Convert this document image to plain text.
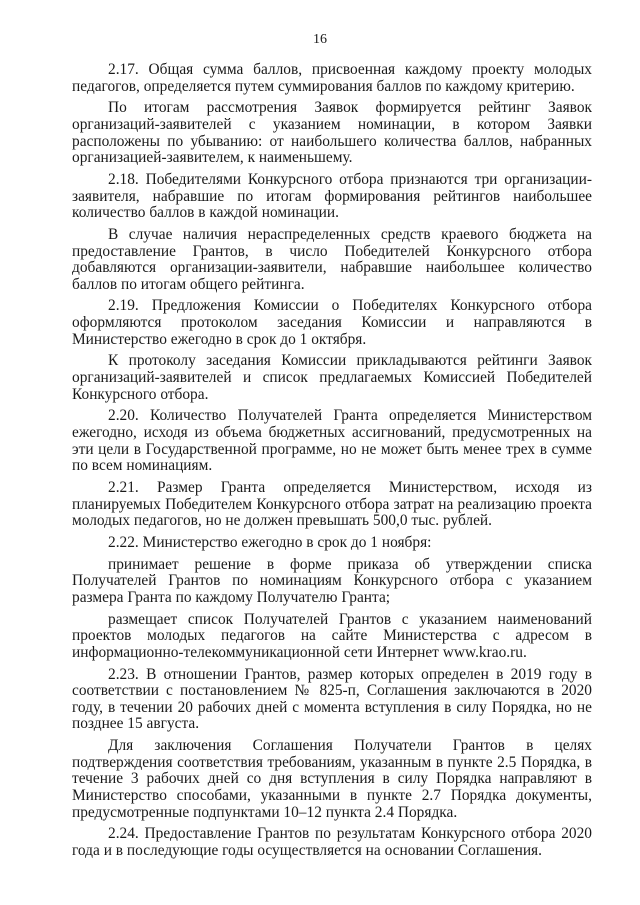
16

2.17. Общая сумма баллов, присвоенная каждому проекту молодых педагогов, определяется путем суммирования баллов по каждому критерию.

По итогам рассмотрения Заявок формируется рейтинг Заявок организаций-заявителей с указанием номинации, в котором Заявки расположены по убыванию: от наибольшего количества баллов, набранных организацией-заявителем, к наименьшему.

2.18. Победителями Конкурсного отбора признаются три организации-заявителя, набравшие по итогам формирования рейтингов наибольшее количество баллов в каждой номинации.

В случае наличия нераспределенных средств краевого бюджета на предоставление Грантов, в число Победителей Конкурсного отбора добавляются организации-заявители, набравшие наибольшее количество баллов по итогам общего рейтинга.

2.19. Предложения Комиссии о Победителях Конкурсного отбора оформляются протоколом заседания Комиссии и направляются в Министерство ежегодно в срок до 1 октября.

К протоколу заседания Комиссии прикладываются рейтинги Заявок организаций-заявителей и список предлагаемых Комиссией Победителей Конкурсного отбора.

2.20. Количество Получателей Гранта определяется Министерством ежегодно, исходя из объема бюджетных ассигнований, предусмотренных на эти цели в Государственной программе, но не может быть менее трех в сумме по всем номинациям.

2.21. Размер Гранта определяется Министерством, исходя из планируемых Победителем Конкурсного отбора затрат на реализацию проекта молодых педагогов, но не должен превышать 500,0 тыс. рублей.

2.22. Министерство ежегодно в срок до 1 ноября:

принимает решение в форме приказа об утверждении списка Получателей Грантов по номинациям Конкурсного отбора с указанием размера Гранта по каждому Получателю Гранта;

размещает список Получателей Грантов с указанием наименований проектов молодых педагогов на сайте Министерства с адресом в информационно-телекоммуникационной сети Интернет www.krao.ru.

2.23. В отношении Грантов, размер которых определен в 2019 году в соответствии с постановлением № 825-п, Соглашения заключаются в 2020 году, в течении 20 рабочих дней с момента вступления в силу Порядка, но не позднее 15 августа.

Для заключения Соглашения Получатели Грантов в целях подтверждения соответствия требованиям, указанным в пункте 2.5 Порядка, в течение 3 рабочих дней со дня вступления в силу Порядка направляют в Министерство способами, указанными в пункте 2.7 Порядка документы, предусмотренные подпунктами 10–12 пункта 2.4 Порядка.

2.24. Предоставление Грантов по результатам Конкурсного отбора 2020 года и в последующие годы осуществляется на основании Соглашения.
